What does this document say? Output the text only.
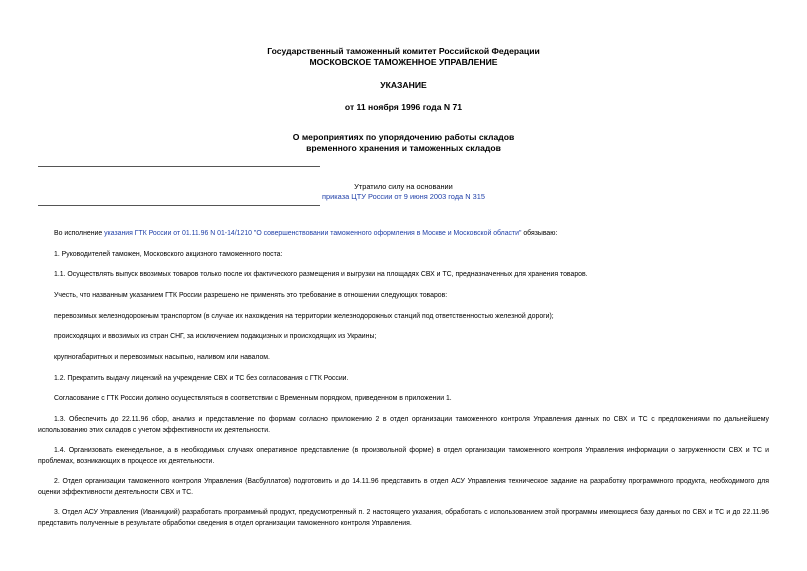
Государственный таможенный комитет Российской Федерации
МОСКОВСКОЕ ТАМОЖЕННОЕ УПРАВЛЕНИЕ
УКАЗАНИЕ
от 11 ноября 1996 года N 71
О мероприятиях по упорядочению работы складов
временного хранения и таможенных складов
Утратило силу на основании
приказа ЦТУ России от 9 июня 2003 года N 315

Во исполнение указания ГТК России от 01.11.96 N 01-14/1210 "О совершенствовании таможенного оформления в Москве и Московской области" обязываю:

1. Руководителей таможен, Московского акцизного таможенного поста:

1.1. Осуществлять выпуск ввозимых товаров только после их фактического размещения и выгрузки на площадях СВХ и ТС, предназначенных для хранения товаров.

Учесть, что названным указанием ГТК России разрешено не применять это требование в отношении следующих товаров:

перевозимых железнодорожным транспортом (в случае их нахождения на территории железнодорожных станций под ответственностью железной дороги);

происходящих и ввозимых из стран СНГ, за исключением подакцизных и происходящих из Украины;

крупногабаритных и перевозимых насыпью, наливом или навалом.

1.2. Прекратить выдачу лицензий на учреждение СВХ и ТС без согласования с ГТК России.

Согласование с ГТК России должно осуществляться в соответствии с Временным порядком, приведенном в приложении 1.

1.3. Обеспечить до 22.11.96 сбор, анализ и представление по формам согласно приложению 2 в отдел организации таможенного контроля Управления данных по СВХ и ТС с предложениями по дальнейшему использованию этих складов с учетом эффективности их деятельности.

1.4. Организовать еженедельное, а в необходимых случаях оперативное представление (в произвольной форме) в отдел организации таможенного контроля Управления информации о загруженности СВХ и ТС и проблемах, возникающих в процессе их деятельности.

2. Отдел организации таможенного контроля Управления (Васбуллатов) подготовить и до 14.11.96 представить в отдел АСУ Управления техническое задание на разработку программного продукта, необходимого для оценки эффективности деятельности СВХ и ТС.

3. Отдел АСУ Управления (Иваницкий) разработать программный продукт, предусмотренный п. 2 настоящего указания, обработать с использованием этой программы имеющиеся базу данных по СВХ и ТС и до 22.11.96 представить полученные в результате обработки сведения в отдел организации таможенного контроля Управления.
